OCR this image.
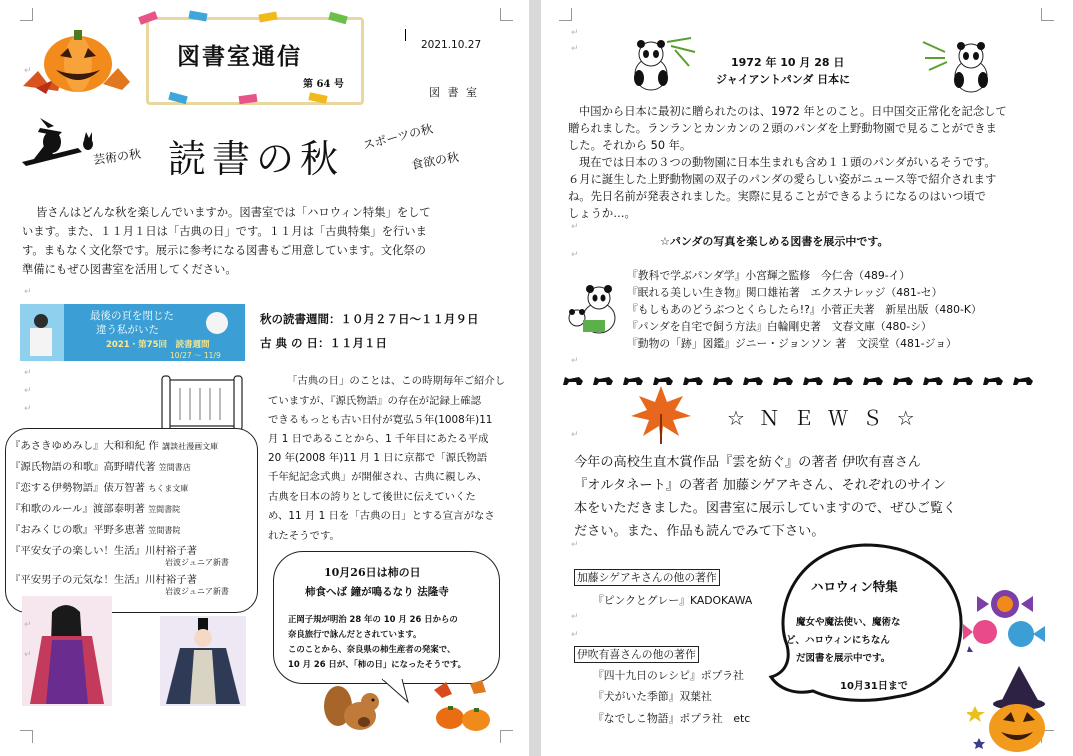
図書室通信
第 64 号
2021.10.27
図 書 室
芸術の秋 読書の秋
スポーツの秋
食欲の秋
皆さんはどんな秋を楽しんでいますか。図書室では「ハロウィン特集」をして
います。また、１１月１日は「古典の日」です。１１月は「古典特集」を行いま
す。まもなく文化祭です。展示に参考になる図書もご用意しています。文化祭の
準備にもぜひ図書室を活用してください。
最後の頁を閉じた
違う私がいた
2021・第75回　読書週間
10/27 ～ 11/9
秋の読書週間：１０月２７日～１１月９日
古 典 の 日：１１月１日
『あさきゆめみし』大和和紀 作 講談社漫画文庫
『源氏物語の和歌』高野晴代著 笠間書店
『恋する伊勢物語』俵万智著 ちくま文庫
『和歌のルール』渡部泰明著 笠間書院
『おみくじの歌』平野多恵著 笠間書院
『平安女子の楽しい！生活』川村裕子著
岩波ジュニア新書
『平安男子の元気な！生活』川村裕子著
岩波ジュニア新書
「古典の日」のことは、この時期毎年ご紹介し
ていますが、『源氏物語』の存在が記録上確認
できるもっとも古い日付が寛弘５年(1008年)11
月 1 日であることから、1 千年目にあたる平成
20 年(2008 年)11 月 1 日に京都で「源氏物語
千年紀記念式典」が開催され、古典に親しみ、
古典を日本の誇りとして後世に伝えていくた
め、11 月 1 日を「古典の日」とする宣言がなさ
れたそうです。
10月26日は柿の日
柿食へば 鐘が鳴るなり 法隆寺
正岡子規が明治 28 年の 10 月 26 日からの
奈良旅行で詠んだとされています。
このことから、奈良県の柿生産者の発案で、
10 月 26 日が、「柿の日」になったそうです。
↵
↵
↵
↵
↵
↵
↵
1972 年 10 月 28 日
ジャイアントパンダ 日本に
中国から日本に最初に贈られたのは、1972 年とのこと。日中国交正常化を記念して
贈られました。ランランとカンカンの２頭のパンダを上野動物園で見ることができま
した。それから 50 年。
現在では日本の３つの動物園に日本生まれも含め１１頭のパンダがいるそうです。
６月に誕生した上野動物園の双子のパンダの愛らしい姿がニュース等で紹介されます
ね。先日名前が発表されました。実際に見ることができるようになるのはいつ頃で
しょうか…。
☆パンダの写真を楽しめる図書を展示中です。
『教科で学ぶパンダ学』小宮輝之監修　今仁舎（489-イ）
『眠れる美しい生き物』関口雄祐著　エクスナレッジ（481-セ）
『もしもあのどうぶつとくらしたら!?』小菅正夫著　新星出版（480-K）
『パンダを自宅で飼う方法』白輪剛史著　文春文庫（480-シ）
『動物の「跡」図鑑』ジニー・ジョンソン 著　文渓堂（481-ジョ）
☆ Ｎ Ｅ Ｗ Ｓ ☆
今年の高校生直木賞作品『雲を紡ぐ』の著者 伊吹有喜さん
『オルタネート』の著者 加藤シゲアキさん、それぞれのサイン
本をいただきました。図書室に展示していますので、ぜひご覧く
ださい。また、作品も読んでみて下さい。
加藤シゲアキさんの他の著作
『ピンクとグレー』KADOKAWA
伊吹有喜さんの他の著作
『四十九日のレシピ』ポプラ社
『犬がいた季節』双葉社
『なでしこ物語』ポプラ社　etc
ハロウィン特集
魔女や魔法使い、魔術な
ど、ハロウィンにちなん
だ図書を展示中です。
10月31日まで
↵
↵
↵
↵
↵
↵
↵
↵
↵
